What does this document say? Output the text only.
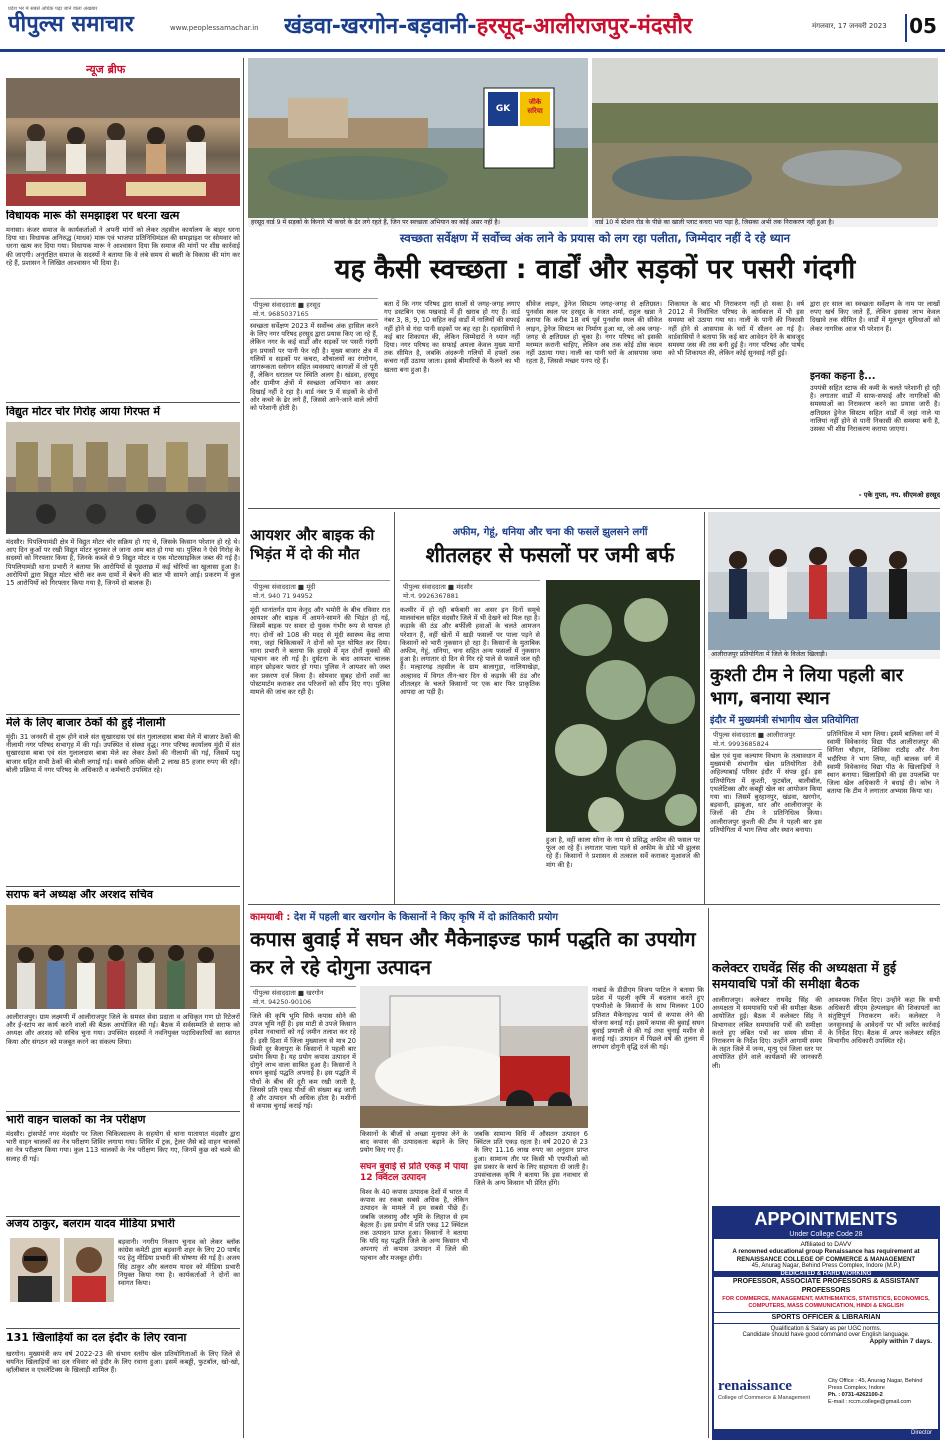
प्रदेश भर में सबसे अधिक पढ़ा जाने वाला अखबार
पीपुल्स समाचार	www.peoplessamachar.in	खंडवा-खरगोन-बड़वानी-हरसूद-आलीराजपुर-मंदसौर	मंगलवार, 17 जनवरी 2023	05
न्यूज ब्रीफ
विधायक मारू की समझाइश पर धरना खत्म
मनासा। कंजर समाज के कार्यकर्ताओं ने अपनी मांगों को लेकर तहसील कार्यालय के बाहर धरना दिया था। विधायक अनिरुद्ध (माधव) मारू एवं भाजपा प्रतिनिधिमंडल की समझाइश पर सोमवार को धरना खत्म कर दिया गया। विधायक मारू ने आश्वासन दिया कि समाज की मांगों पर शीघ्र कार्रवाई की जाएगी। अनुरक्षित समाज के सदस्यों ने बताया कि वे लंबे समय से बस्ती के विकास की मांग कर रहे हैं, प्रशासन ने लिखित आश्वासन भी दिया है।
विद्युत मोटर चोर गिरोह आया गिरफ्त में
मंदसौर। पिपलियामंडी क्षेत्र में विद्युत मोटर चोर सक्रिय हो गए थे, जिसके किसान परेशान हो रहे थे। आए दिन कुओं पर रखी विद्युत मोटर चुराकर ले जाना आम बात हो गया था। पुलिस ने ऐसे गिरोह के सदस्यों को गिरफ्तार किया है, जिनके कब्जे से 9 विद्युत मोटर व एक मोटरसाइकिल जब्त की गई है। पिपलियामंडी थाना प्रभारी ने बताया कि आरोपियों से पूछताछ में कई चोरियों का खुलासा हुआ है। आरोपियों द्वारा विद्युत मोटर चोरी कर कम दामों में बेचने की बात भी सामने आई। प्रकरण में कुल 15 आरोपियों को गिरफ्तार किया गया है, जिनमें दो बालक हैं।
मेले के लिए बाजार ठेकों की हुई नीलामी
मूंदी। 31 जनवरी से शुरू होने वाले संत सुखारदास एवं संत गुलालदास बाबा मेले में बाजार ठेकों की नीलामी नगर परिषद सभागृह में की गई। उपस्थित थे संस्था वृद्ध। नगर परिषद कार्यालय मूंदी में संत सुखारदास बाबा एवं संत गुलालदास बाबा मेले का लेकर ठेकों की नीलामी की गई, जिसमें पशु बाजार सहित सभी ठेकों की बोली लगाई गई। सबसे अधिक बोली 2 लाख 85 हजार रुपए की रही। बोली प्रक्रिया में नगर परिषद के अधिकारी व कर्मचारी उपस्थित रहे।
सराफ बने अध्यक्ष और अरशद सचिव
आलीराजपुर। ग्राम लक्ष्मणी में आलीराजपुर जिले के समस्त सेवा प्रदाता व अधिकृत गण ग्रो रिटेलरों और ई-स्टांप का कार्य करने वालों की बैठक आयोजित की गई। बैठक में सर्वसम्मति से सराफ को अध्यक्ष और अरशद को सचिव चुना गया। उपस्थित सदस्यों ने नवनियुक्त पदाधिकारियों का स्वागत किया और संगठन को मजबूत करने का संकल्प लिया।
भारी वाहन चालकों का नेत्र परीक्षण
मंदसौर। ट्रांसपोर्ट नगर मंदसौर पर जिला चिकित्सालय के सहयोग से थाना यातायात मंदसौर द्वारा भारी वाहन चालकों का नेत्र परीक्षण शिविर लगाया गया। शिविर में ट्रक, ट्रेलर जैसे बड़े वाहन चालकों का नेत्र परीक्षण किया गया। कुल 113 चालकों के नेत्र परीक्षण किए गए, जिनमें कुछ को चश्मे की सलाह दी गई।
अजय ठाकुर, बलराम यादव मीडिया प्रभारी
बड़वानी। नगरीय निकाय चुनाव को लेकर ब्लॉक कांग्रेस कमेटी द्वारा बड़वानी शहर के लिए 20 पार्षद पद हेतु मीडिया प्रभारी की घोषणा की गई है। अजय सिंह ठाकुर और बलराम यादव को मीडिया प्रभारी नियुक्त किया गया है। कार्यकर्ताओं ने दोनों का स्वागत किया।
131 खिलाड़ियों का दल इंदौर के लिए रवाना
खरगोन। मुख्यमंत्री कप वर्ष 2022-23 की संभाग स्तरीय खेल प्रतियोगिताओं के लिए जिले से चयनित खिलाड़ियों का दल रविवार को इंदौर के लिए रवाना हुआ। इसमें कबड्डी, फुटबॉल, खो-खो, व्हॉलीबाल व एथलेटिक्स के खिलाड़ी शामिल हैं।
GK TMT
जीके सरिया
हरसूद वार्ड 9 में सड़कों के किनारे भी कचरे के ढेर लगे रहते हैं, जिन पर स्वच्छता अभियान का कोई असर नहीं है।	वार्ड 10 में स्टेशन रोड के पीछे का खाली प्लाट कचरा भरा पड़ा है, जिसका अभी तक निराकरण नहीं हुआ है।
स्वच्छता सर्वेक्षण में सर्वोच्च अंक लाने के प्रयास को लग रहा पलीता, जिम्मेदार नहीं दे रहे ध्यान
यह कैसी स्वच्छता : वार्डों और सड़कों पर पसरी गंदगी
पीपुल्स संवाददाता ■ हरसूद
मो.नं. 9685037165
स्वच्छता सर्वेक्षण 2023 में सर्वोच्च अंक हासिल करने के लिए नगर परिषद हरसूद द्वारा प्रयास किए जा रहे हैं, लेकिन नगर के कई वार्डों और सड़कों पर पसरी गंदगी इन प्रयासों पर पानी फेर रही है। मुख्य बाजार क्षेत्र में गलियों व सड़कों पर कचरा, शौचालयों का रंगरोगन, जागरूकता स्लोगन सहित व्यवस्थाएं कागजों में तो पूरी हैं, लेकिन धरातल पर स्थिति अलग है। खंडवा, हरसूद और ग्रामीण क्षेत्रों में स्वच्छता अभियान का असर दिखाई नहीं दे रहा है। वार्ड नंबर 9 में सड़कों के दोनों ओर कचरे के ढेर लगे हैं, जिससे आने-जाने वाले लोगों को परेशानी होती है।
बता दें कि नगर परिषद द्वारा सालों से जगह-जगह लगाए गए डस्टबिन एक पखवाड़े में ही खराब हो गए हैं। वार्ड नंबर 3, 8, 9, 10 सहित कई वार्डों में नालियों की सफाई नहीं होने से गंदा पानी सड़कों पर बह रहा है। रहवासियों ने कई बार शिकायत की, लेकिन जिम्मेदारों ने ध्यान नहीं दिया। नगर परिषद का सफाई अमला केवल मुख्य मार्गों तक सीमित है, जबकि अंदरूनी गलियों में हफ्तों तक कचरा नहीं उठाया जाता। इससे बीमारियों के फैलने का भी खतरा बना हुआ है।
सीवेज लाइन, ड्रेनेज सिस्टम जगह-जगह से क्षतिग्रस्त। पुनर्वास स्थल पर हरसूद के गजत शर्मा, राहुल खन्ना ने बताया कि करीब 18 वर्ष पूर्व पुनर्वास स्थल की सीवेज लाइन, ड्रेनेज सिस्टम का निर्माण हुआ था, जो अब जगह-जगह से क्षतिग्रस्त हो चुका है। नगर परिषद को इसकी मरम्मत करानी चाहिए, लेकिन अब तक कोई ठोस कदम नहीं उठाया गया। नाली का पानी घरों के आसपास जमा रहता है, जिससे मच्छर पनप रहे हैं।
शिकायत के बाद भी निराकरण नहीं हो सका है। वर्ष 2012 में निर्वाचित परिषद के कार्यकाल में भी इस समस्या को उठाया गया था। नाली के पानी की निकासी नहीं होने से आसपास के घरों में सीलन आ गई है। वार्डवासियों ने बताया कि कई बार आवेदन देने के बावजूद समस्या जस की तस बनी हुई है। नगर परिषद और पार्षद को भी शिकायत की, लेकिन कोई सुनवाई नहीं हुई।
द्वारा हर साल का स्वच्छता सर्वेक्षण के नाम पर लाखों रुपए खर्च किए जाते हैं, लेकिन इसका लाभ केवल दिखावे तक सीमित है। वार्डों में मूलभूत सुविधाओं को लेकर नागरिक आज भी परेशान हैं।
इनका कहना है...
उपयंत्री सहित स्टाफ की कमी के चलते परेशानी हो रही है। लगातार वार्डों में साफ-सफाई और नागरिकों की समस्याओं का निराकरण करने का प्रयास जारी है। क्षतिग्रस्त ड्रेनेज सिस्टम सहित वार्डों में जहां नाले या नालियां नहीं होने से पानी निकासी की समस्या बनी है, उसका भी शीघ्र निराकरण कराया जाएगा।
- एके गुप्ता, नप. सीएमओ हरसूद
आयशर और बाइक की भिड़ंत में दो की मौत
पीपुल्स संवाददाता ■ मूंदी
मो.नं. 940 71 94952
मूंदी थानांतर्गत ग्राम केनूद और भमोरी के बीच रविवार रात आयशर और बाइक में आमने-सामने की भिड़ंत हो गई, जिसमें बाइक पर सवार दो युवक गंभीर रूप से घायल हो गए। दोनों को 108 की मदद से मूंदी स्वास्थ्य केंद्र लाया गया, जहां चिकित्सकों ने दोनों को मृत घोषित कर दिया। थाना प्रभारी ने बताया कि हादसे में मृत दोनों युवकों की पहचान कर ली गई है। दुर्घटना के बाद आयशर चालक वाहन छोड़कर फरार हो गया। पुलिस ने आयशर को जब्त कर प्रकरण दर्ज किया है। सोमवार सुबह दोनों शवों का पोस्टमार्टम कराकर शव परिजनों को सौंप दिए गए। पुलिस मामले की जांच कर रही है।
अफीम, गेहूं, धनिया और चना की फसलें झुलसने लगीं
शीतलहर से फसलों पर जमी बर्फ
पीपुल्स संवाददाता ■ मंदसौर
मो.नं. 9926367881
कश्मीर में हो रही बर्फबारी का असर इन दिनों समूचे मालवांचल सहित मंदसौर जिले में भी देखने को मिल रहा है। कड़ाके की ठंड और बर्फीली हवाओं के चलते आमजन परेशान हैं, वहीं खेतों में खड़ी फसलों पर पाला पड़ने से किसानों को भारी नुकसान हो रहा है। किसानों के मुताबिक अफीम, गेहूं, धनिया, चना सहित अन्य फसलों में नुकसान हुआ है। लगातार दो दिन से गिर रहे पाले से फसलें जल रही हैं। मल्हारगढ़ तहसील के ग्राम बालागुड़ा, नालियाखेड़ा, अल्हावद में विगत तीन-चार दिन से कड़ाके की ठंड और शीतलहर के चलते किसानों पर एक बार फिर प्राकृतिक आपदा आ पड़ी है।
हुआ है, वहीं काला सोना के नाम से प्रसिद्ध अफीम की फसल पर फूल आ रहे हैं। लगातार पाला पड़ने से अफीम के डोडे भी झुलस रहे हैं। किसानों ने प्रशासन से तत्काल सर्वे कराकर मुआवजे की मांग की है।
आलीराजपुर प्रतियोगिता में जिले के विजेता खिलाड़ी।
कुश्ती टीम ने लिया पहली बार भाग, बनाया स्थान
इंदौर में मुख्यमंत्री संभागीय खेल प्रतियोगिता
पीपुल्स संवाददाता ■ आलीराजपुर
मो.नं. 9993685824
खेल एवं युवा कल्याण विभाग के तत्वावधान में मुख्यमंत्री संभागीय खेल प्रतियोगिता देवी अहिल्याबाई परिसर इंदौर में संपन्न हुई। इस प्रतियोगिता में कुश्ती, फुटबॉल, बालीबॉल, एथलेटिक्स और कबड्डी खेल का आयोजन किया गया था। जिसमें बुरहानपुर, खंडवा, खरगोन, बड़वानी, झाबुआ, धार और आलीराजपुर के जिलों की टीम ने प्रतिनिधित्व किया। आलीराजपुर कुश्ती की टीम ने पहली बार इस प्रतियोगिता में भाग लिया और स्थान बनाया।
प्रतिनिधित्व में भाग लिया। इसमें बालिका वर्ग में स्वामी विवेकानंद विद्या पीठ आलीराजपुर की विनिता चौहान, शिविका राठौड़ और नैना भदौरिया ने भाग लिया, वहीं बालक वर्ग में स्वामी विवेकानंद विद्या पीठ के खिलाड़ियों ने स्थान बनाया। खिलाड़ियों की इस उपलब्धि पर जिला खेल अधिकारी ने बधाई दी। कोच ने बताया कि टीम ने लगातार अभ्यास किया था।
कामयाबी : देश में पहली बार खरगोन के किसानों ने किए कृषि में दो क्रांतिकारी प्रयोग
कपास बुवाई में सघन और मैकेनाइज्ड फार्म पद्धति का उपयोग कर ले रहे दोगुना उत्पादन
पीपुल्स संवाददाता ■ खरगोन
मो.नं. 94250-90106
जिले की कृषि भूमि सिर्फ कपास सोने की उपज भूमि नहीं है। इस माटी से उपजे किसान हमेशा नवाचारों को नई जमीन तलाश कर रहे हैं। इसी दिशा में जिला मुख्यालय से मात्र 20 किमी दूर बैजापुरा के किसानों ने पहली बार प्रयोग किया है। यह प्रयोग कपास उत्पादन में दोगुने लाभ वाला साबित हुआ है। किसानों ने सघन बुवाई पद्धति अपनाई है। इस पद्धति में पौधों के बीच की दूरी कम रखी जाती है, जिससे प्रति एकड़ पौधों की संख्या बढ़ जाती है और उत्पादन भी अधिक होता है। मशीनों से कपास चुनाई कराई गई।
किसानों के बीजों से अच्छा मुनाफा लेने के बाद कपास की उत्पादकता बढ़ाने के लिए प्रयोग किए गए हैं।
सघन बुवाई से प्रति एकड़ में पाया 12 क्विंटल उत्पादन
विश्व के 40 कपास उत्पादक देशों में भारत में कपास का रकबा सबसे अधिक है, लेकिन उत्पादन के मामले में हम सबसे पीछे हैं। जबकि जलवायु और भूमि के लिहाज से हम बेहतर हैं। इस प्रयोग में प्रति एकड़ 12 क्विंटल तक उत्पादन प्राप्त हुआ। किसानों ने बताया कि यदि यह पद्धति जिले के अन्य किसान भी अपनाएं तो कपास उत्पादन में जिले की पहचान और मजबूत होगी।
जबकि सामान्य विधि में औसतन उत्पादन 6 क्विंटल प्रति एकड़ रहता है। वर्ष 2020 से 23 के लिए 11.16 लाख रुपए का अनुदान प्राप्त हुआ। सामान्य तौर पर किसी भी एफपीओ को इस प्रकार के कार्य के लिए सहायता दी जाती है। उपसंचालक कृषि ने बताया कि इस नवाचार से जिले के अन्य किसान भी प्रेरित होंगे।
नाबार्ड के डीडीएम विजय पाटिल ने बताया कि प्रदेश में पहली कृषि में बदलाव करते हुए एफपीओ के किसानों के साथ मिलकर 100 प्रतिशत मैकेनाइज्ड फार्म से कपास लेने की योजना बनाई गई। इसमें कपास की बुवाई सघन बुवाई प्रणाली से की गई तथा चुनाई मशीन से कराई गई। उत्पादन में पिछले वर्ष की तुलना में लगभग दोगुनी वृद्धि दर्ज की गई।
कलेक्टर राघवेंद्र सिंह की अध्यक्षता में हुई समयावधि पत्रों की समीक्षा बैठक
आलीराजपुर। कलेक्टर राघवेंद्र सिंह की अध्यक्षता में समयावधि पत्रों की समीक्षा बैठक आयोजित हुई। बैठक में कलेक्टर सिंह ने विभागवार लंबित समयावधि पत्रों की समीक्षा करते हुए लंबित पत्रों का समय सीमा में निराकरण के निर्देश दिए। उन्होंने आगामी समय के तहत जिले में जन्म, मृत्यु एवं जिला स्तर पर आयोजित होने वाले कार्यक्रमों की जानकारी ली।
आवश्यक निर्देश दिए। उन्होंने कहा कि सभी अधिकारी सीएम हेल्पलाइन की शिकायतों का संतुष्टिपूर्ण निराकरण करें। कलेक्टर ने जनसुनवाई के आवेदनों पर भी त्वरित कार्रवाई के निर्देश दिए। बैठक में अपर कलेक्टर सहित विभागीय अधिकारी उपस्थित रहे।
APPOINTMENTS
Under College Code 28
Affiliated to DAVV
A renowned educational group Renaissance has requirement at RENAISSANCE COLLEGE OF COMMERCE & MANAGEMENT
45, Anurag Nagar, Behind Press Complex, Indore (M.P.)
DEDICATED & HARD WORKING
PROFESSOR, ASSOCIATE PROFESSORS & ASSISTANT PROFESSORS
FOR COMMERCE, MANAGEMENT, MATHEMATICS, STATISTICS, ECONOMICS, COMPUTERS, MASS COMMUNICATION, HINDI & ENGLISH
SPORTS OFFICER & LIBRARIAN
Qualification & Salary as per UGC norms.
Candidate should have good command over English language.
Apply within 7 days.
renaissance
College of Commerce & Management
City Office : 45, Anurag Nagar, Behind Press Complex, Indore
Ph. : 0731-4262100-2
E-mail : rccm.college@gmail.com
Director
